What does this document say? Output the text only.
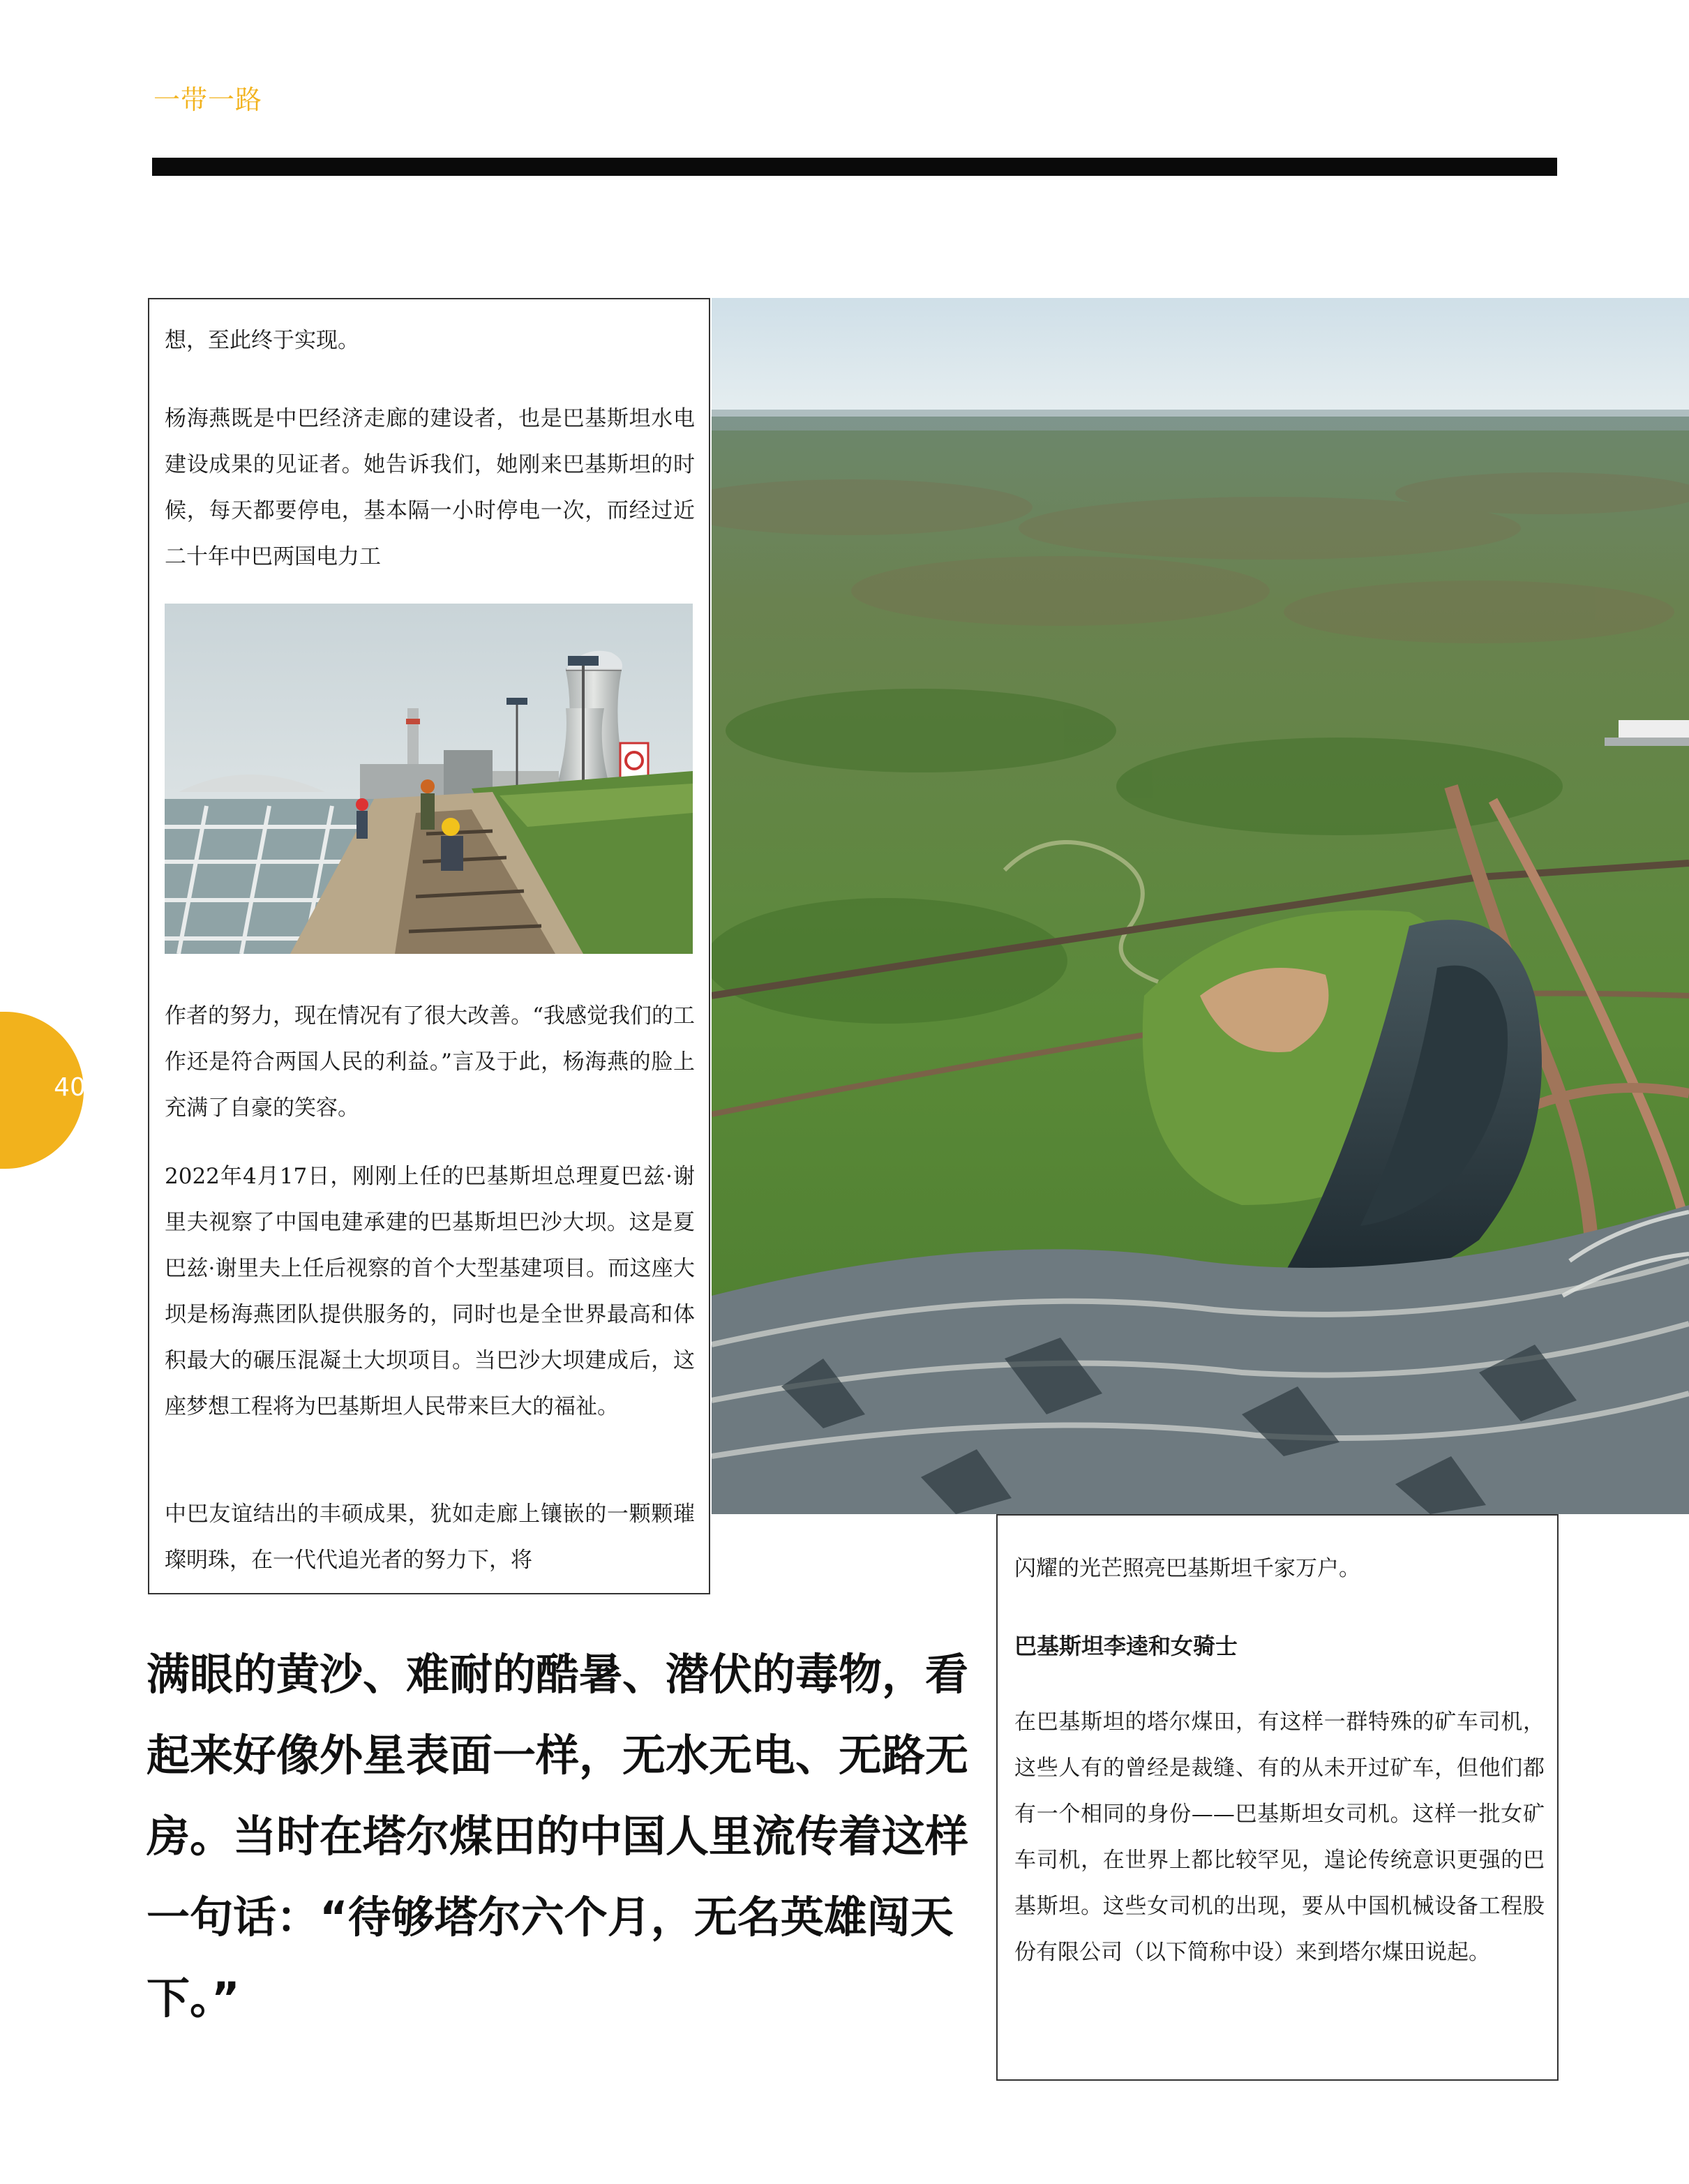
一带一路
40

想，至此终于实现。

杨海燕既是中巴经济走廊的建设者，也是巴基斯坦水电建设成果的见证者。她告诉我们，她刚来巴基斯坦的时候，每天都要停电，基本隔一小时停电一次，而经过近二十年中巴两国电力工

作者的努力，现在情况有了很大改善。“我感觉我们的工作还是符合两国人民的利益。”言及于此，杨海燕的脸上充满了自豪的笑容。

2022年4月17日，刚刚上任的巴基斯坦总理夏巴兹·谢里夫视察了中国电建承建的巴基斯坦巴沙大坝。这是夏巴兹·谢里夫上任后视察的首个大型基建项目。而这座大坝是杨海燕团队提供服务的，同时也是全世界最高和体积最大的碾压混凝土大坝项目。当巴沙大坝建成后，这座梦想工程将为巴基斯坦人民带来巨大的福祉。

中巴友谊结出的丰硕成果，犹如走廊上镶嵌的一颗颗璀璨明珠，在一代代追光者的努力下，将	闪耀的光芒照亮巴基斯坦千家万户。

巴基斯坦李逵和女骑士

在巴基斯坦的塔尔煤田，有这样一群特殊的矿车司机，这些人有的曾经是裁缝、有的从未开过矿车，但他们都有一个相同的身份——巴基斯坦女司机。这样一批女矿车司机，在世界上都比较罕见，遑论传统意识更强的巴基斯坦。这些女司机的出现，要从中国机械设备工程股份有限公司（以下简称中设）来到塔尔煤田说起。

满眼的黄沙、难耐的酷暑、潜伏的毒物，看起来好像外星表面一样，无水无电、无路无房。当时在塔尔煤田的中国人里流传着这样一句话：“待够塔尔六个月，无名英雄闯天下。”
